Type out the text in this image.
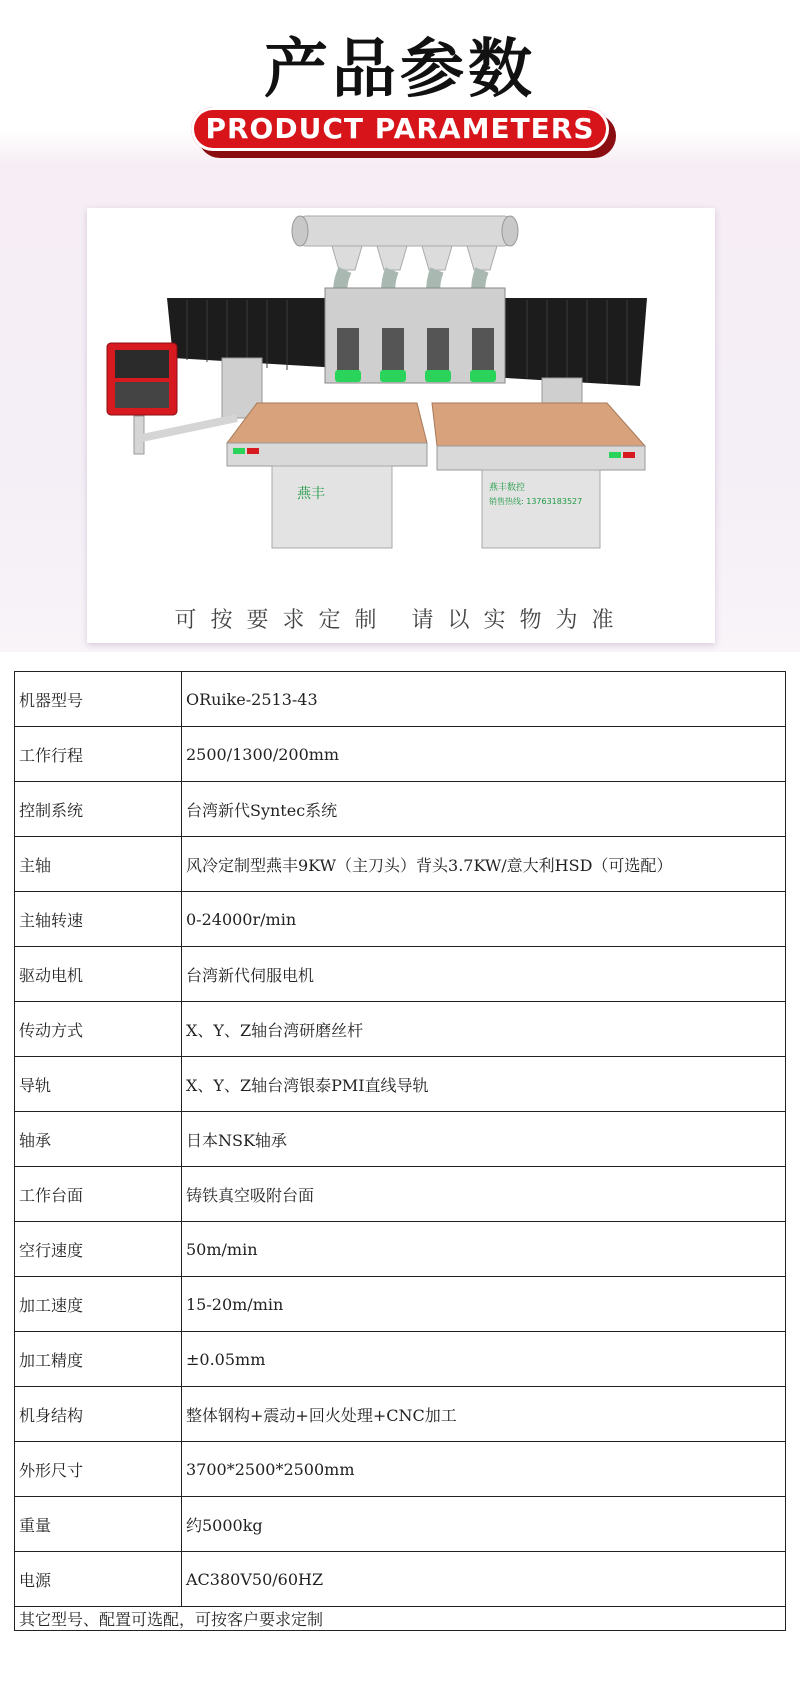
产品参数
PRODUCT PARAMETERS
燕丰	燕丰数控
销售热线: 13763183527
可按要求定制 请以实物为准
机器型号	ORuike-2513-43
工作行程	2500/1300/200mm
控制系统	台湾新代Syntec系统
主轴	风冷定制型燕丰9KW（主刀头）背头3.7KW/意大利HSD（可选配）
主轴转速	0-24000r/min
驱动电机	台湾新代伺服电机
传动方式	X、Y、Z轴台湾研磨丝杆
导轨	X、Y、Z轴台湾银泰PMI直线导轨
轴承	日本NSK轴承
工作台面	铸铁真空吸附台面
空行速度	50m/min
加工速度	15-20m/min
加工精度	±0.05mm
机身结构	整体钢构+震动+回火处理+CNC加工
外形尺寸	3700*2500*2500mm
重量	约5000kg
电源	AC380V50/60HZ
其它型号、配置可选配，可按客户要求定制	
